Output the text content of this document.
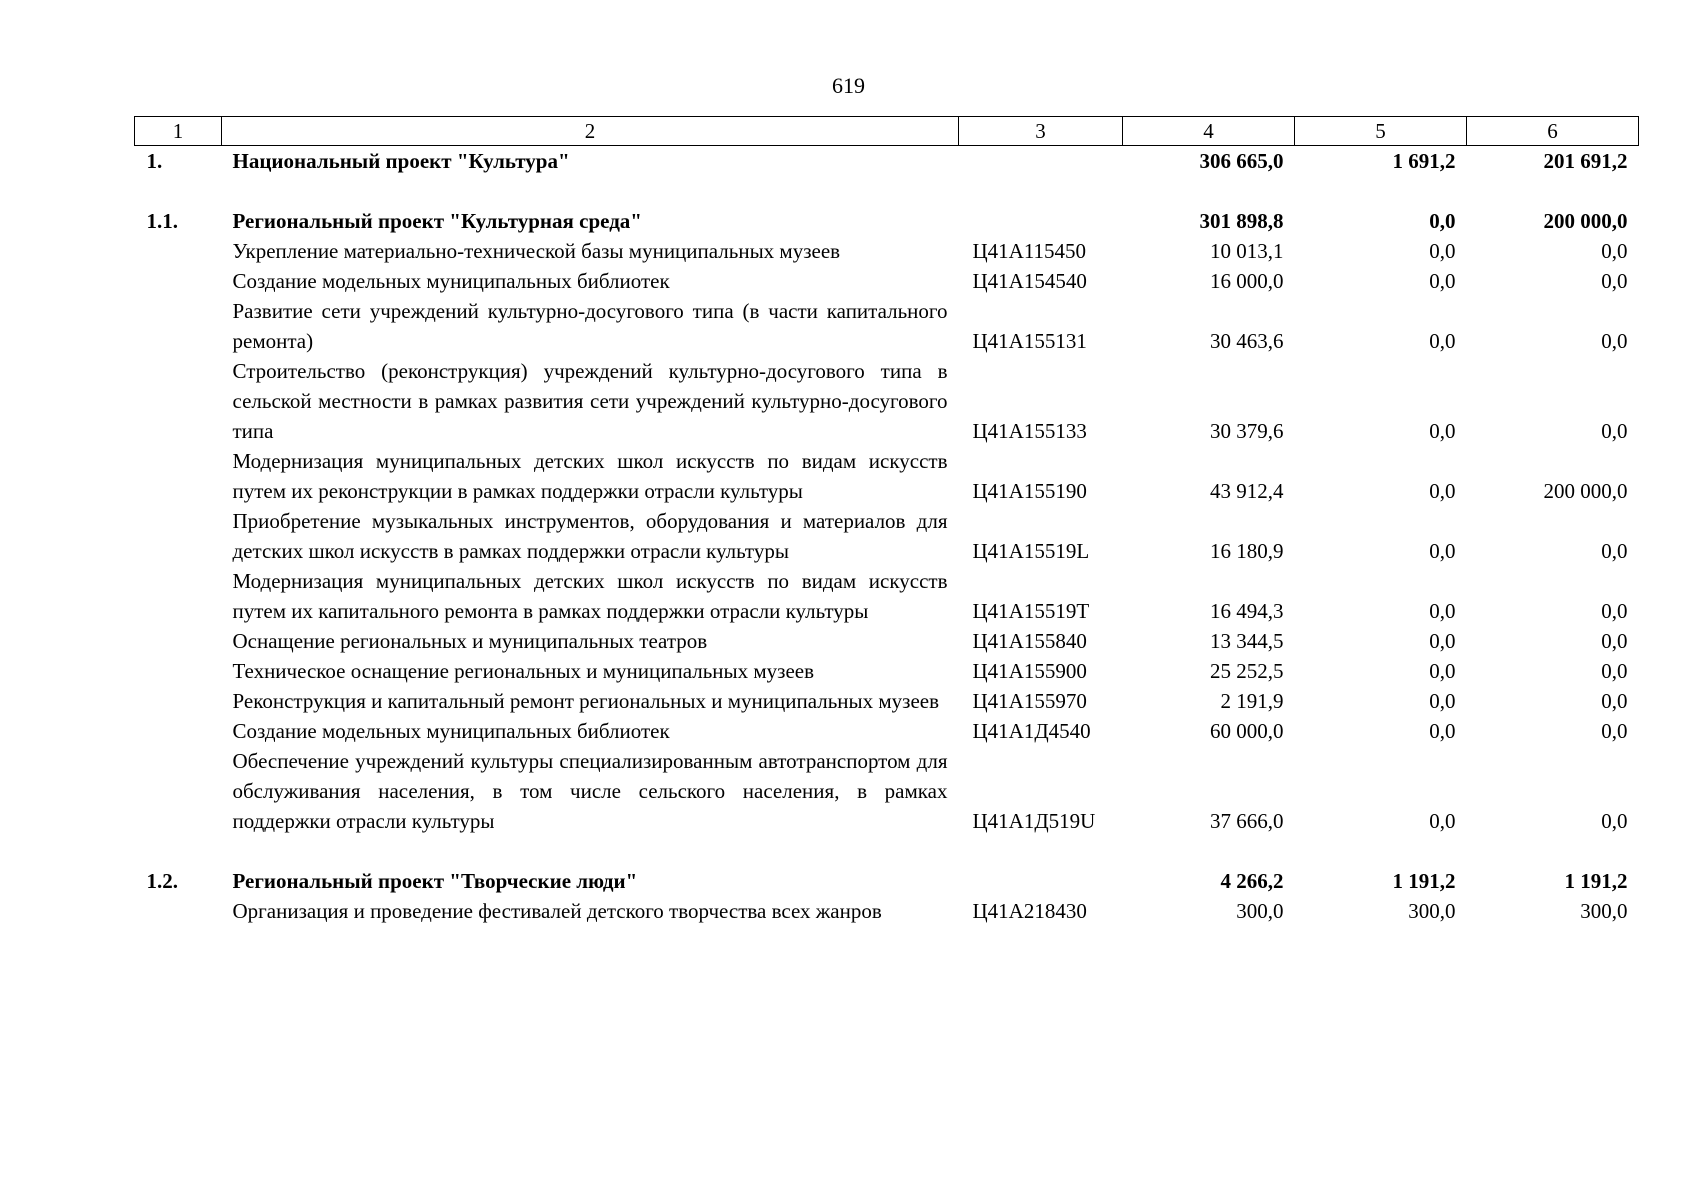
619
1	2	3	4	5	6
1.	Национальный проект "Культура"		306 665,0	1 691,2	201 691,2

1.1.	Региональный проект "Культурная среда"		301 898,8	0,0	200 000,0
	Укрепление материально-технической базы муниципальных музеев	Ц41А115450	10 013,1	0,0	0,0
	Создание модельных муниципальных библиотек	Ц41А154540	16 000,0	0,0	0,0
	Развитие сети учреждений культурно-досугового типа (в части капитального ремонта)	Ц41А155131	30 463,6	0,0	0,0
	Строительство (реконструкция) учреждений культурно-досугового типа в сельской местности в рамках развития сети учреждений культурно-досугового типа	Ц41А155133	30 379,6	0,0	0,0
	Модернизация муниципальных детских школ искусств по видам искусств путем их реконструкции в рамках поддержки отрасли культуры	Ц41А155190	43 912,4	0,0	200 000,0
	Приобретение музыкальных инструментов, оборудования и материалов для детских школ искусств в рамках поддержки отрасли культуры	Ц41А15519L	16 180,9	0,0	0,0
	Модернизация муниципальных детских школ искусств по видам искусств путем их капитального ремонта в рамках поддержки отрасли культуры	Ц41А15519Т	16 494,3	0,0	0,0
	Оснащение региональных и муниципальных театров	Ц41А155840	13 344,5	0,0	0,0
	Техническое оснащение региональных и муниципальных музеев	Ц41А155900	25 252,5	0,0	0,0
	Реконструкция и капитальный ремонт региональных и муниципальных музеев	Ц41А155970	2 191,9	0,0	0,0
	Создание модельных муниципальных библиотек	Ц41А1Д4540	60 000,0	0,0	0,0
	Обеспечение учреждений культуры специализированным автотранспортом для обслуживания населения, в том числе сельского населения, в рамках поддержки отрасли культуры	Ц41А1Д519U	37 666,0	0,0	0,0

1.2.	Региональный проект "Творческие люди"		4 266,2	1 191,2	1 191,2
	Организация и проведение фестивалей детского творчества всех жанров	Ц41А218430	300,0	300,0	300,0
